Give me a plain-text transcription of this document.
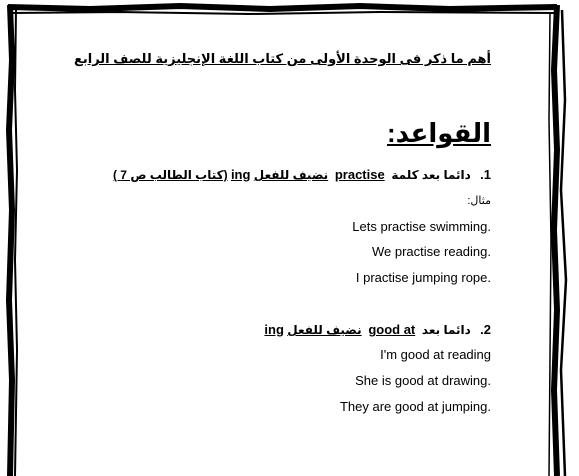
أهم ما ذكر فى الوحدة الأولى من كتاب اللغة الإنجليزية للصف الرابع
القواعد:
1. دائما بعد كلمة  practise  نضيف للفعل ing (كتاب الطالب ص 7 )
مثال:
Lets practise swimming.
We practise reading.
I practise jumping rope.
2. دائما بعد  good at  نضيف للفعل ing
I'm good at reading
She is good at drawing.
They are good at jumping.
